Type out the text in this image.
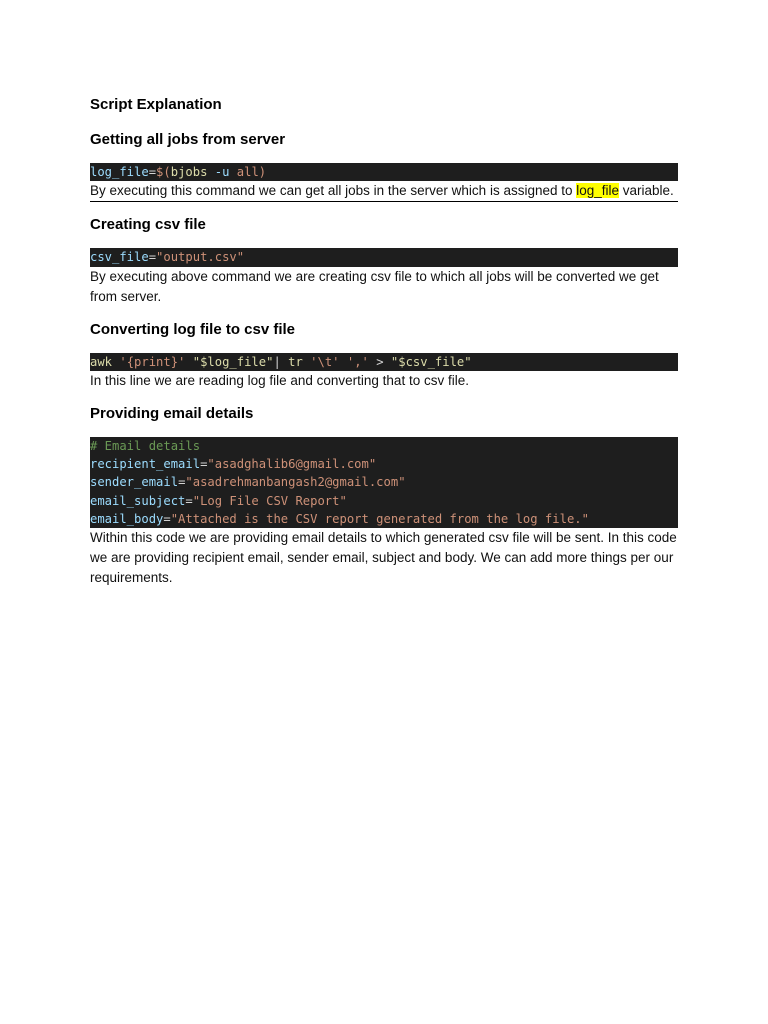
Script Explanation
Getting all jobs from server
log_file=$(bjobs -u all)

By executing this command we can get all jobs in the server which is assigned to log_file variable.

Creating csv file
csv_file="output.csv"

By executing above command we are creating csv file to which all jobs will be converted we get from server.

Converting log file to csv file
awk '{print}' "$log_file"| tr '\t' ',' > "$csv_file"

In this line we are reading log file and converting that to csv file.

Providing email details
# Email details
recipient_email="asadghalib6@gmail.com"
sender_email="asadrehmanbangash2@gmail.com"
email_subject="Log File CSV Report"
email_body="Attached is the CSV report generated from the log file."

Within this code we are providing email details to which generated csv file will be sent. In this code we are providing recipient email, sender email, subject and body. We can add more things per our requirements.
